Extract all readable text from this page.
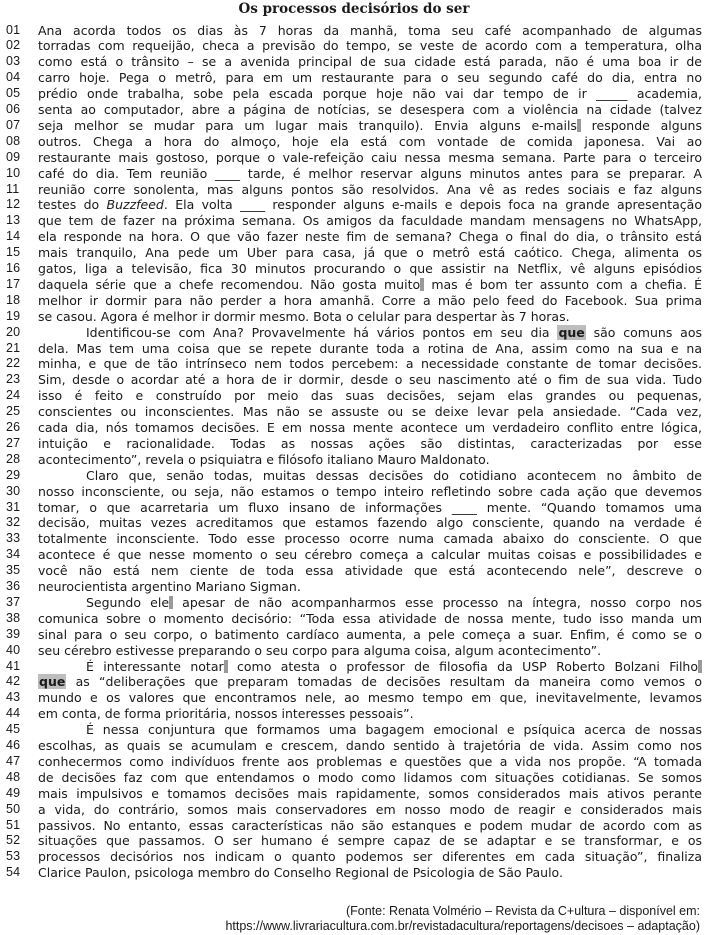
Os processos decisórios do ser
01	Ana acorda todos os dias às 7 horas da manhã, toma seu café acompanhado de algumas
02	torradas com requeijão, checa a previsão do tempo, se veste de acordo com a temperatura, olha
03	como está o trânsito – se a avenida principal de sua cidade está parada, não é uma boa ir de
04	carro hoje. Pega o metrô, para em um restaurante para o seu segundo café do dia, entra no
05	prédio onde trabalha, sobe pela escada porque hoje não vai dar tempo de ir _____ academia,
06	senta ao computador, abre a página de notícias, se desespera com a violência na cidade (talvez
07	seja melhor se mudar para um lugar mais tranquilo). Envia alguns e-mails responde alguns
08	outros. Chega a hora do almoço, hoje ela está com vontade de comida japonesa. Vai ao
09	restaurante mais gostoso, porque o vale-refeição caiu nessa mesma semana. Parte para o terceiro
10	café do dia. Tem reunião ____ tarde, é melhor reservar alguns minutos antes para se preparar. A
11	reunião corre sonolenta, mas alguns pontos são resolvidos. Ana vê as redes sociais e faz alguns
12	testes do Buzzfeed. Ela volta ____ responder alguns e-mails e depois foca na grande apresentação
13	que tem de fazer na próxima semana. Os amigos da faculdade mandam mensagens no WhatsApp,
14	ela responde na hora. O que vão fazer neste fim de semana? Chega o final do dia, o trânsito está
15	mais tranquilo, Ana pede um Uber para casa, já que o metrô está caótico. Chega, alimenta os
16	gatos, liga a televisão, fica 30 minutos procurando o que assistir na Netflix, vê alguns episódios
17	daquela série que a chefe recomendou. Não gosta muito mas é bom ter assunto com a chefia. É
18	melhor ir dormir para não perder a hora amanhã. Corre a mão pelo feed do Facebook. Sua prima
19	se casou. Agora é melhor ir dormir mesmo. Bota o celular para despertar às 7 horas.
20	Identificou-se com Ana? Provavelmente há vários pontos em seu dia que são comuns aos
21	dela. Mas tem uma coisa que se repete durante toda a rotina de Ana, assim como na sua e na
22	minha, e que de tão intrínseco nem todos percebem: a necessidade constante de tomar decisões.
23	Sim, desde o acordar até a hora de ir dormir, desde o seu nascimento até o fim de sua vida. Tudo
24	isso é feito e construído por meio das suas decisões, sejam elas grandes ou pequenas,
25	conscientes ou inconscientes. Mas não se assuste ou se deixe levar pela ansiedade. “Cada vez,
26	cada dia, nós tomamos decisões. E em nossa mente acontece um verdadeiro conflito entre lógica,
27	intuição e racionalidade. Todas as nossas ações são distintas, caracterizadas por esse
28	acontecimento”, revela o psiquiatra e filósofo italiano Mauro Maldonato.
29	Claro que, senão todas, muitas dessas decisões do cotidiano acontecem no âmbito de
30	nosso inconsciente, ou seja, não estamos o tempo inteiro refletindo sobre cada ação que devemos
31	tomar, o que acarretaria um fluxo insano de informações ____ mente. “Quando tomamos uma
32	decisão, muitas vezes acreditamos que estamos fazendo algo consciente, quando na verdade é
33	totalmente inconsciente. Todo esse processo ocorre numa camada abaixo do consciente. O que
34	acontece é que nesse momento o seu cérebro começa a calcular muitas coisas e possibilidades e
35	você não está nem ciente de toda essa atividade que está acontecendo nele”, descreve o
36	neurocientista argentino Mariano Sigman.
37	Segundo ele apesar de não acompanharmos esse processo na íntegra, nosso corpo nos
38	comunica sobre o momento decisório: “Toda essa atividade de nossa mente, tudo isso manda um
39	sinal para o seu corpo, o batimento cardíaco aumenta, a pele começa a suar. Enfim, é como se o
40	seu cérebro estivesse preparando o seu corpo para alguma coisa, algum acontecimento”.
41	É interessante notar como atesta o professor de filosofia da USP Roberto Bolzani Filho
42	que as “deliberações que preparam tomadas de decisões resultam da maneira como vemos o
43	mundo e os valores que encontramos nele, ao mesmo tempo em que, inevitavelmente, levamos
44	em conta, de forma prioritária, nossos interesses pessoais”.
45	É nessa conjuntura que formamos uma bagagem emocional e psíquica acerca de nossas
46	escolhas, as quais se acumulam e crescem, dando sentido à trajetória de vida. Assim como nos
47	conhecermos como indivíduos frente aos problemas e questões que a vida nos propõe. “A tomada
48	de decisões faz com que entendamos o modo como lidamos com situações cotidianas. Se somos
49	mais impulsivos e tomamos decisões mais rapidamente, somos considerados mais ativos perante
50	a vida, do contrário, somos mais conservadores em nosso modo de reagir e considerados mais
51	passivos. No entanto, essas características não são estanques e podem mudar de acordo com as
52	situações que passamos. O ser humano é sempre capaz de se adaptar e se transformar, e os
53	processos decisórios nos indicam o quanto podemos ser diferentes em cada situação”, finaliza
54	Clarice Paulon, psicologa membro do Conselho Regional de Psicologia de São Paulo.
(Fonte: Renata Volmério – Revista da C+ultura – disponível em:
https://www.livrariacultura.com.br/revistadacultura/reportagens/decisoes – adaptação)
